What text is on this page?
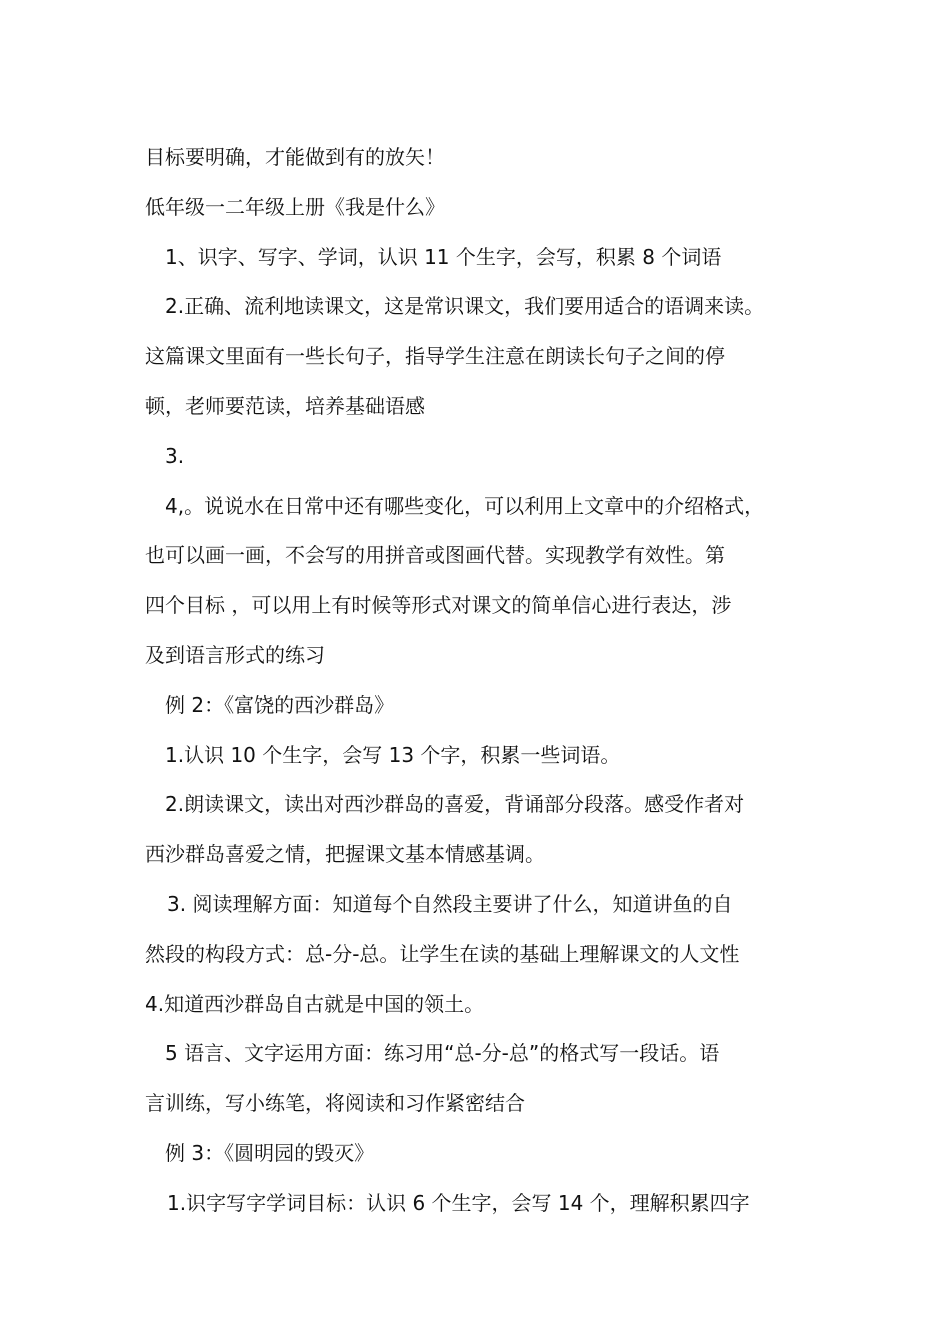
目标要明确，才能做到有的放矢！
低年级一二年级上册《我是什么》
1、识字、写字、学词，认识 11 个生字，会写，积累 8 个词语
2.正确、流利地读课文，这是常识课文，我们要用适合的语调来读。
这篇课文里面有一些长句子，指导学生注意在朗读长句子之间的停
顿，老师要范读，培养基础语感
3.
4,。说说水在日常中还有哪些变化，可以利用上文章中的介绍格式，
也可以画一画，不会写的用拼音或图画代替。实现教学有效性。第
四个目标 ，可以用上有时候等形式对课文的简单信心进行表达，涉
及到语言形式的练习
例 2：《富饶的西沙群岛》
1.认识 10 个生字，会写 13 个字，积累一些词语。
2.朗读课文，读出对西沙群岛的喜爱，背诵部分段落。感受作者对
西沙群岛喜爱之情，把握课文基本情感基调。
3. 阅读理解方面：知道每个自然段主要讲了什么，知道讲鱼的自
然段的构段方式：总-分-总。让学生在读的基础上理解课文的人文性
4.知道西沙群岛自古就是中国的领土。
5 语言、文字运用方面：练习用“总-分-总”的格式写一段话。语
言训练，写小练笔，将阅读和习作紧密结合
例 3：《圆明园的毁灭》
1.识字写字学词目标：认识 6 个生字，会写 14 个，理解积累四字
